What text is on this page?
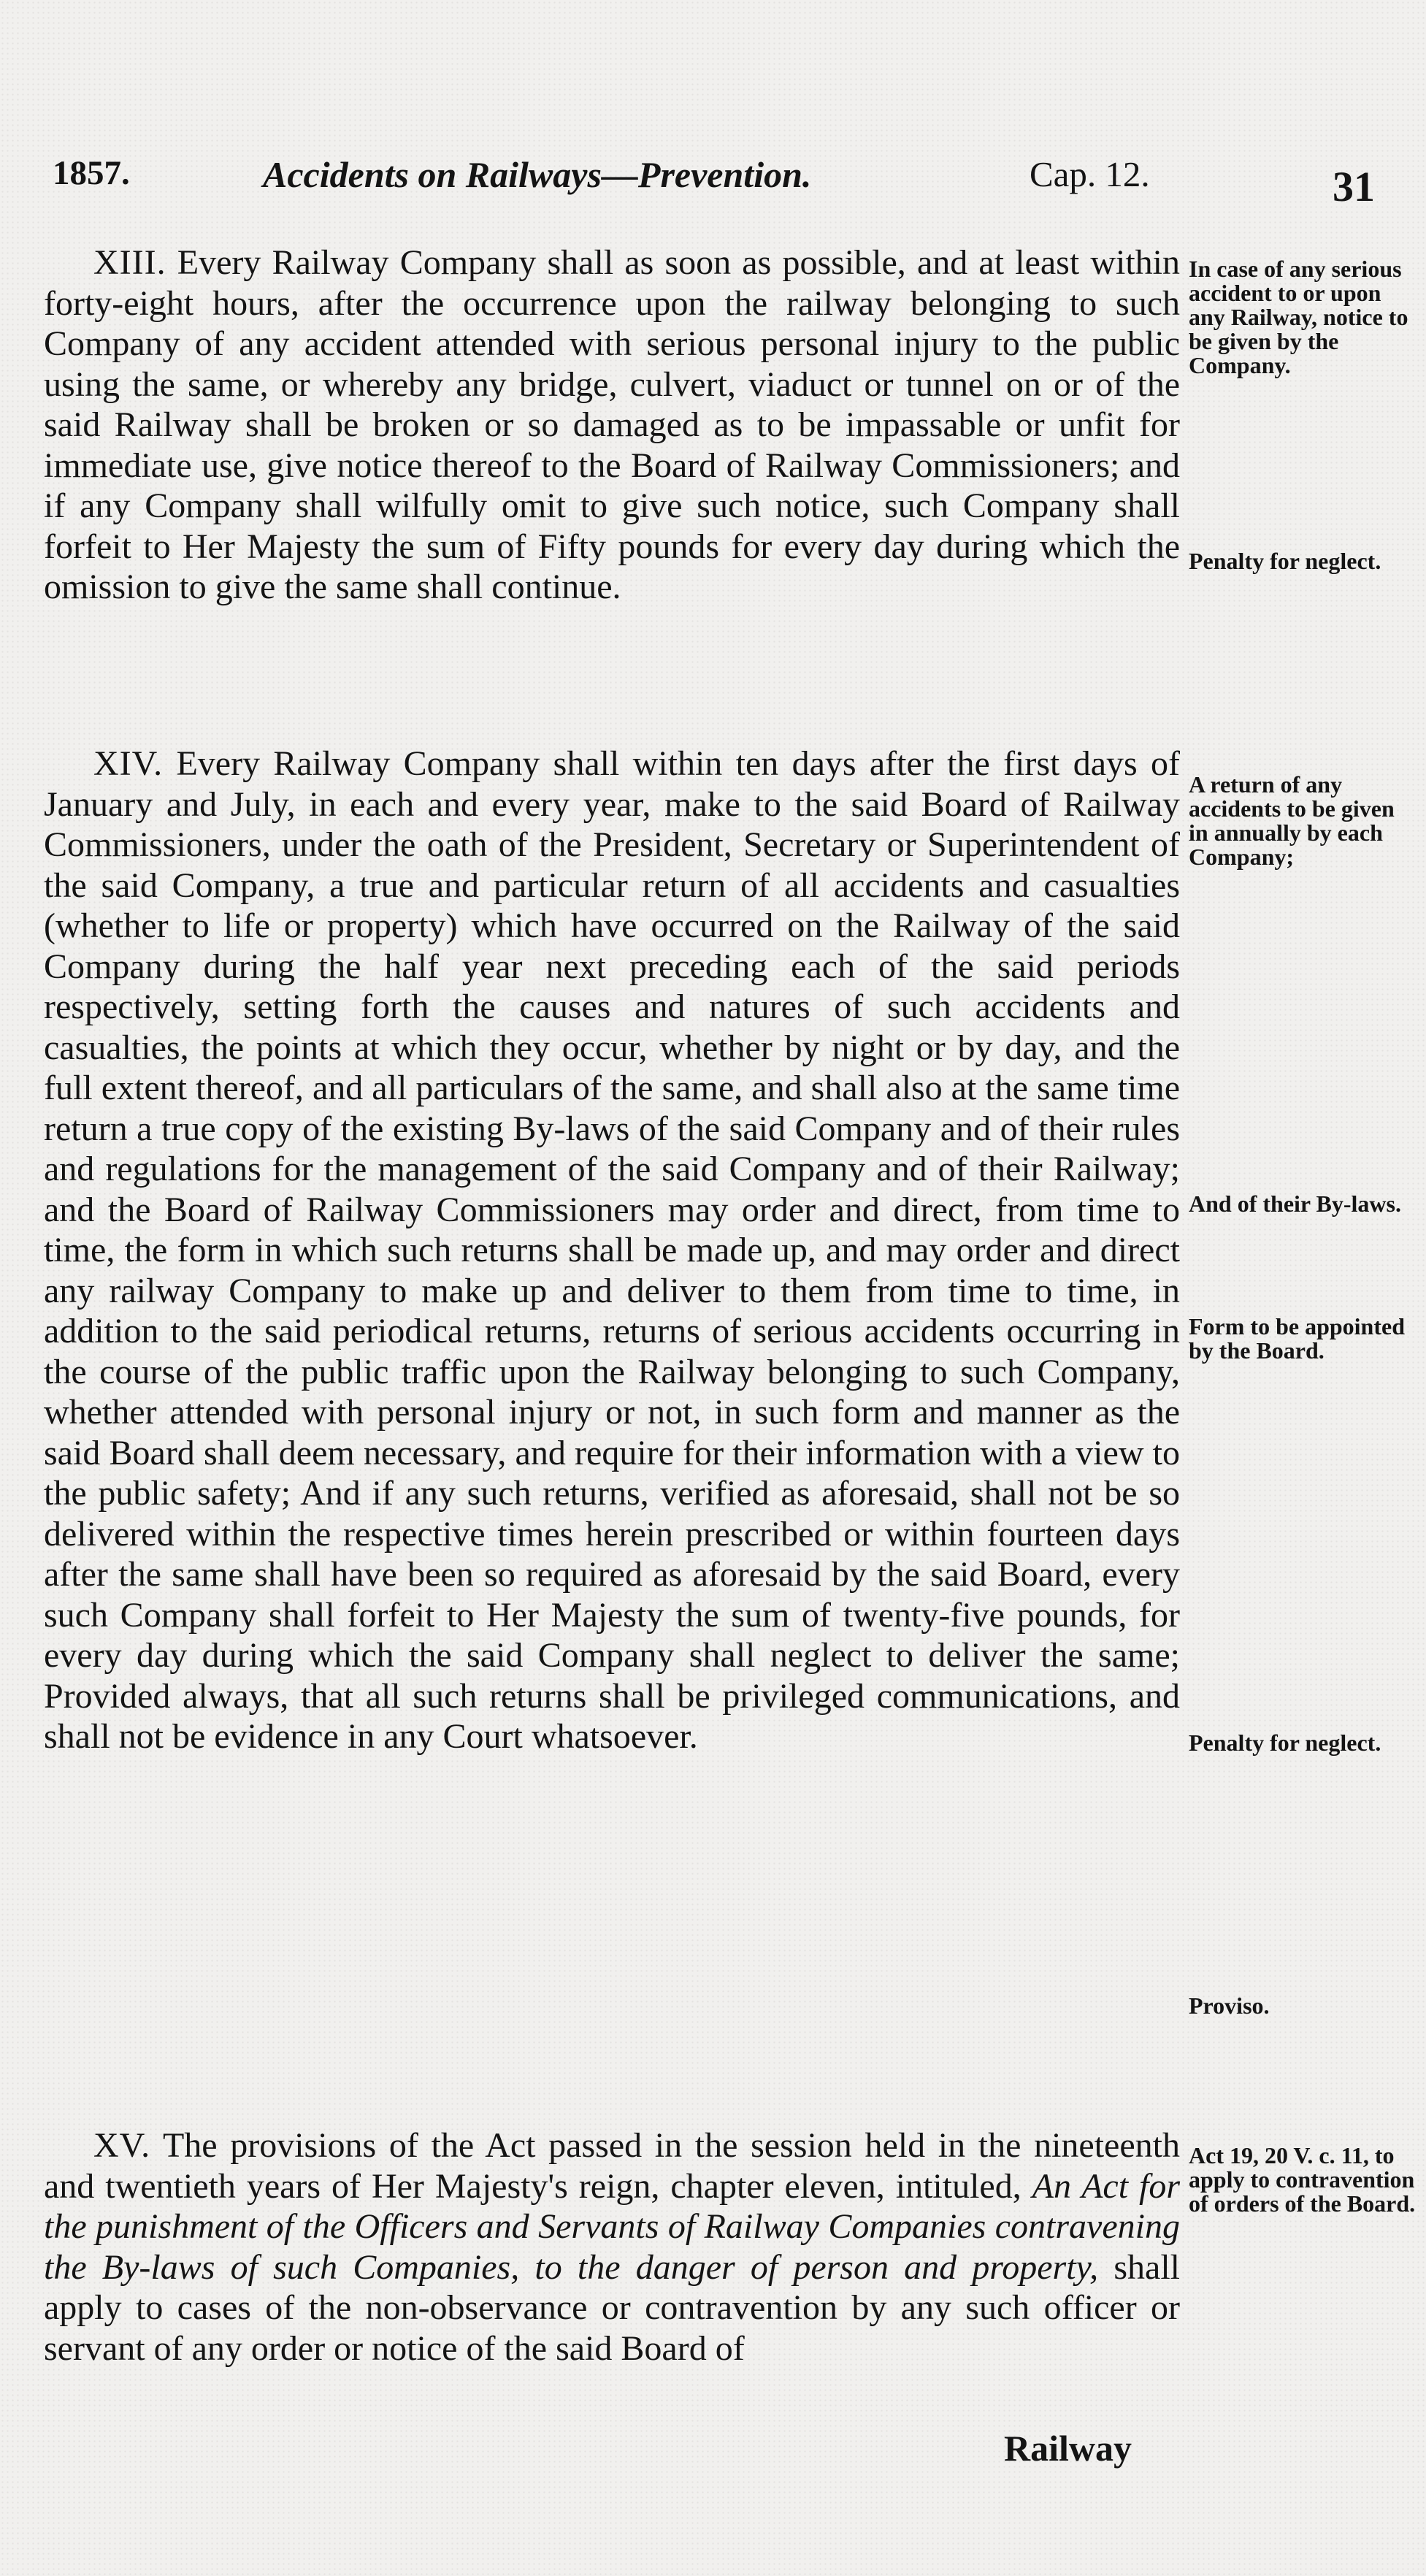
1857.	Accidents on Railways—Prevention.	Cap. 12.	31

XIII. Every Railway Company shall as soon as possible, and at least within forty-eight hours, after the occurrence upon the railway belonging to such Company of any accident attended with serious personal injury to the public using the same, or whereby any bridge, culvert, viaduct or tunnel on or of the said Railway shall be broken or so damaged as to be impassable or unfit for immediate use, give notice thereof to the Board of Railway Commissioners; and if any Company shall wilfully omit to give such notice, such Company shall forfeit to Her Majesty the sum of Fifty pounds for every day during which the omission to give the same shall continue.

In case of any serious accident to or upon any Railway, notice to be given by the Company.

Penalty for neglect.

XIV. Every Railway Company shall within ten days after the first days of January and July, in each and every year, make to the said Board of Railway Commissioners, under the oath of the President, Secretary or Superintendent of the said Company, a true and particular return of all accidents and casualties (whether to life or property) which have occurred on the Railway of the said Company during the half year next preceding each of the said periods respectively, setting forth the causes and natures of such accidents and casualties, the points at which they occur, whether by night or by day, and the full extent thereof, and all particulars of the same, and shall also at the same time return a true copy of the existing By-laws of the said Company and of their rules and regulations for the management of the said Company and of their Railway; and the Board of Railway Commissioners may order and direct, from time to time, the form in which such returns shall be made up, and may order and direct any railway Company to make up and deliver to them from time to time, in addition to the said periodical returns, returns of serious accidents occurring in the course of the public traffic upon the Railway belonging to such Company, whether attended with personal injury or not, in such form and manner as the said Board shall deem necessary, and require for their information with a view to the public safety; And if any such returns, verified as aforesaid, shall not be so delivered within the respective times herein prescribed or within fourteen days after the same shall have been so required as aforesaid by the said Board, every such Company shall forfeit to Her Majesty the sum of twenty-five pounds, for every day during which the said Company shall neglect to deliver the same; Provided always, that all such returns shall be privileged communications, and shall not be evidence in any Court whatsoever.

A return of any accidents to be given in annually by each Company;

And of their By-laws.

Form to be appointed by the Board.

Penalty for neglect.

Proviso.

XV. The provisions of the Act passed in the session held in the nineteenth and twentieth years of Her Majesty's reign, chapter eleven, intituled, An Act for the punishment of the Officers and Servants of Railway Companies contravening the By-laws of such Companies, to the danger of person and property, shall apply to cases of the non-observance or contravention by any such officer or servant of any order or notice of the said Board of

Act 19, 20 V. c. 11, to apply to contravention of orders of the Board.

Railway
